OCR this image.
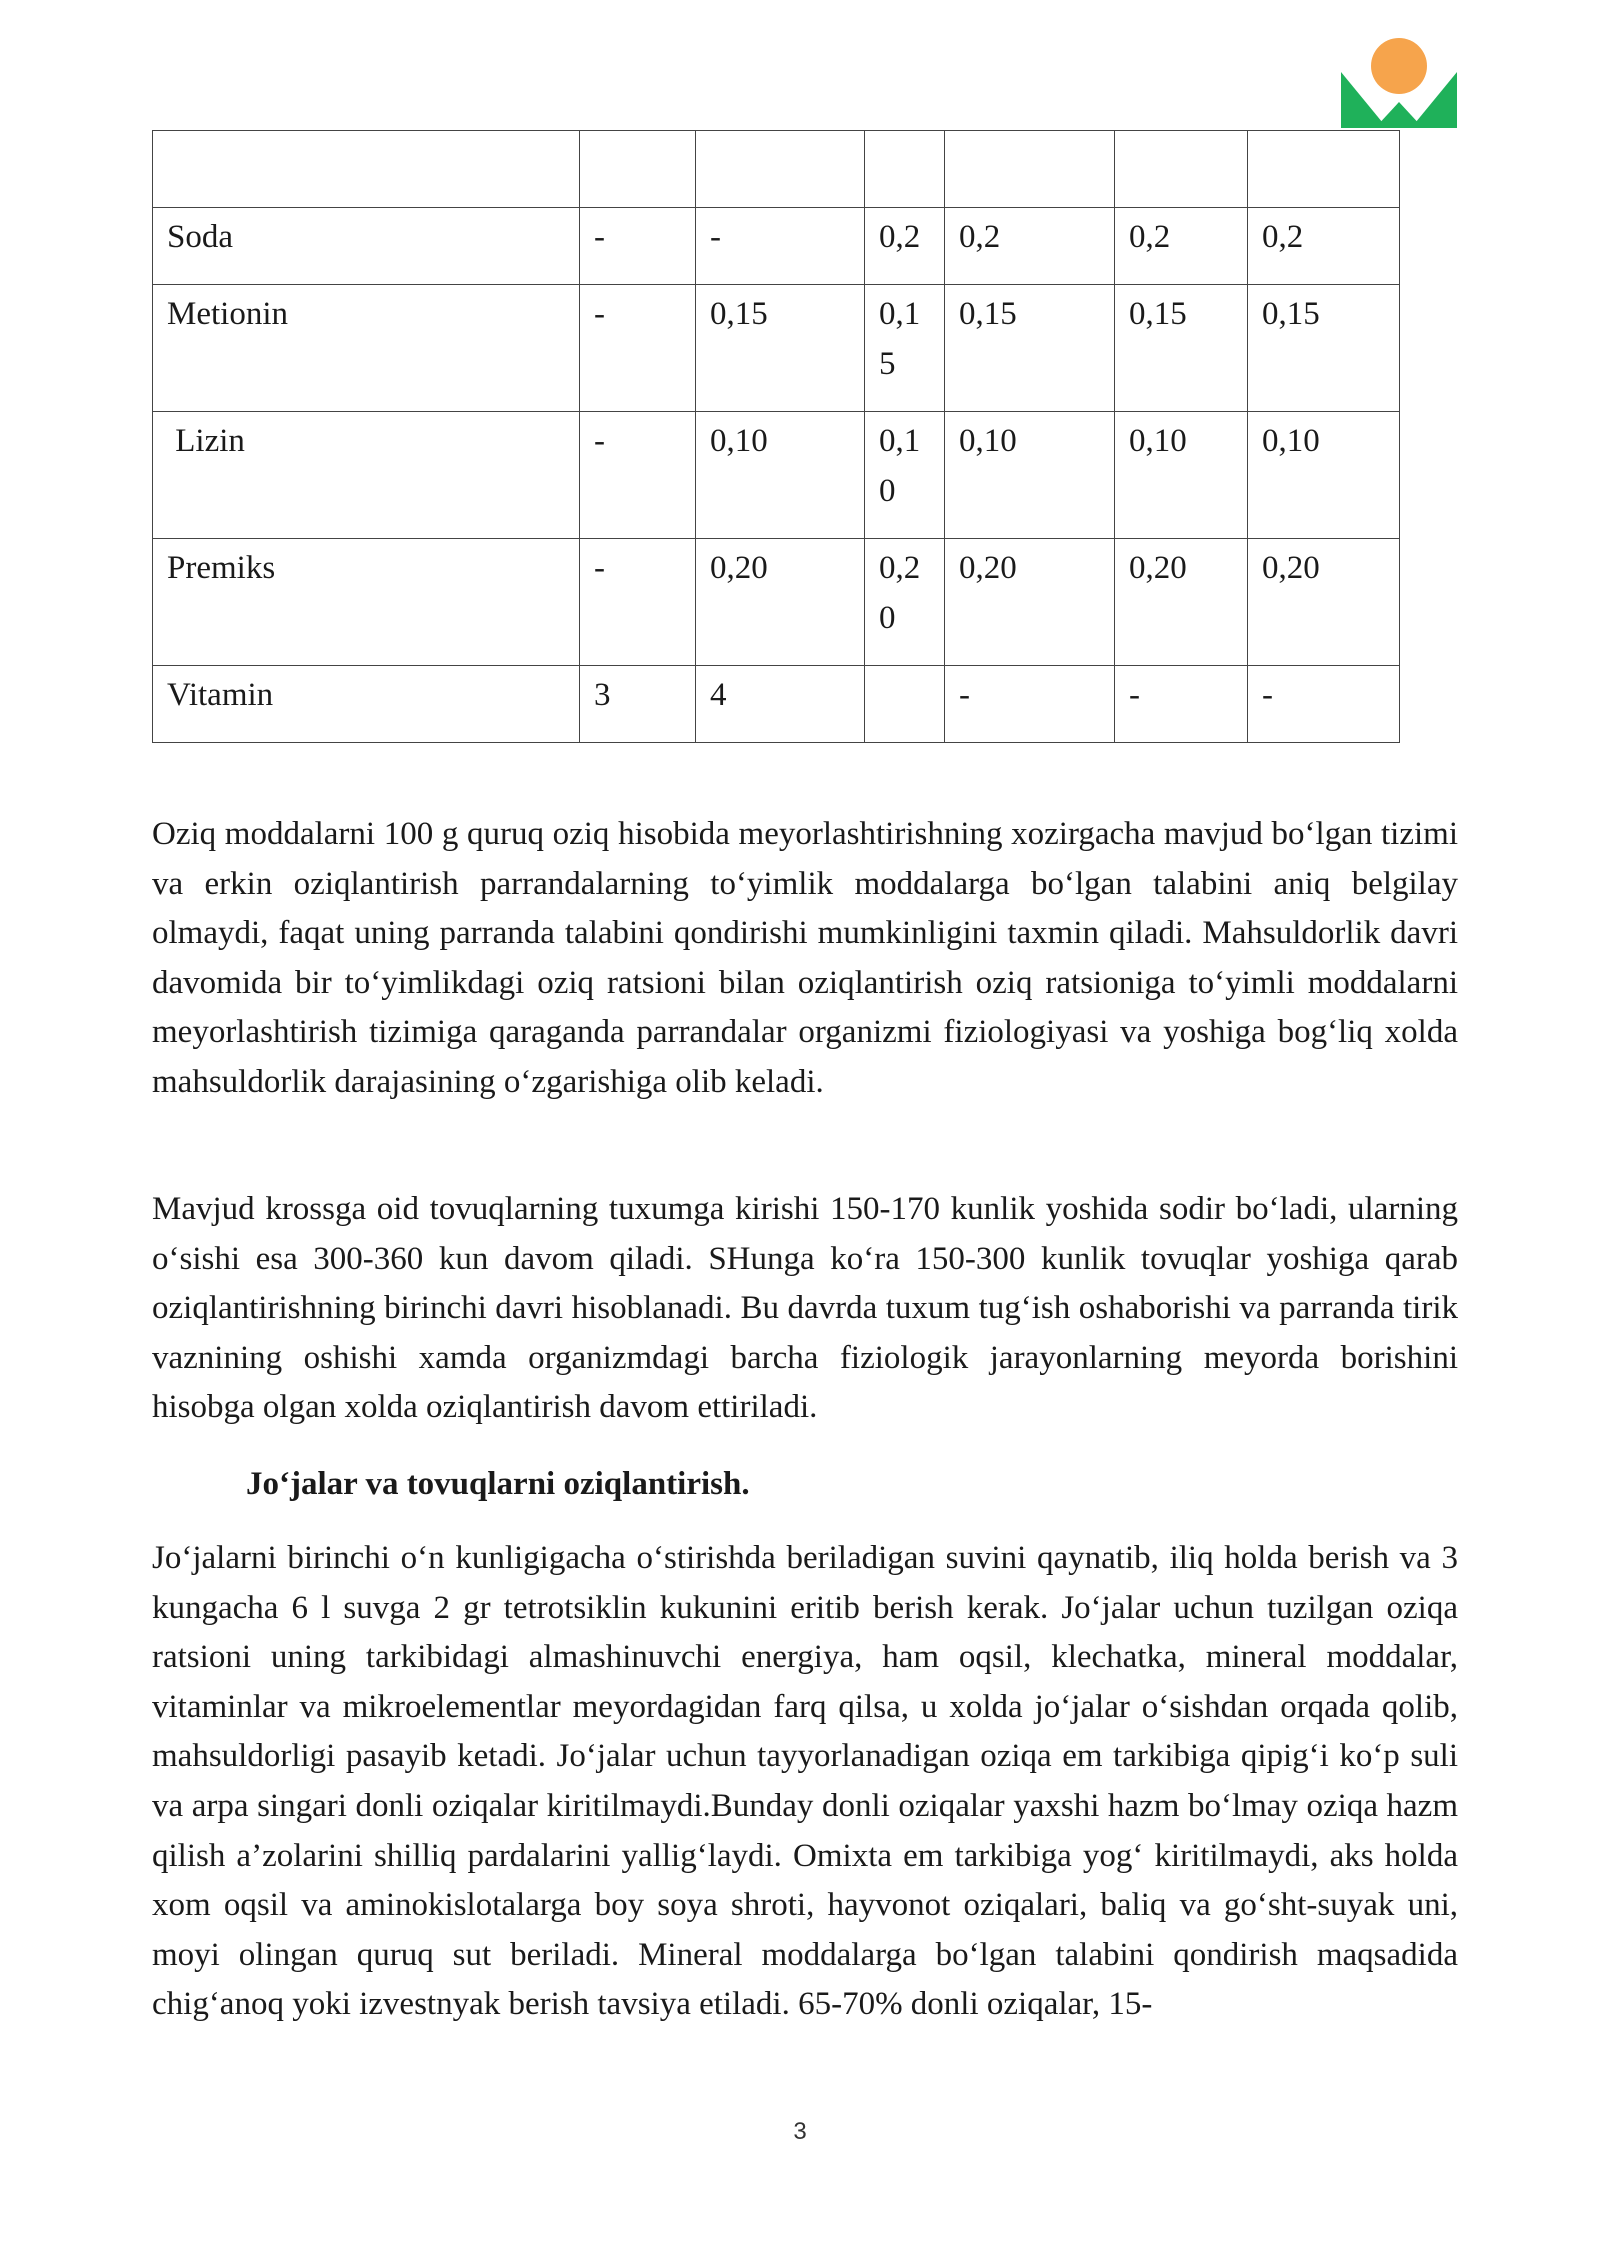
Soda	-	-	0,2	0,2	0,2	0,2
Metionin	-	0,15	0,15	0,15	0,15	0,15
Lizin	-	0,10	0,10	0,10	0,10	0,10
Premiks	-	0,20	0,20	0,20	0,20	0,20
Vitamin	3	4		-	-	-
Oziq moddalarni 100 g quruq oziq hisobida meyorlashtirishning xozirgacha mavjud bo‘lgan tizimi va erkin oziqlantirish parrandalarning to‘yimlik moddalarga bo‘lgan talabini aniq belgilay olmaydi, faqat uning parranda talabini qondirishi mumkinligini taxmin qiladi. Mahsuldorlik davri davomida bir to‘yimlikdagi oziq ratsioni bilan oziqlantirish oziq ratsioniga to‘yimli moddalarni meyorlashtirish tizimiga qaraganda parrandalar organizmi fiziologiyasi va yoshiga bog‘liq xolda mahsuldorlik darajasining o‘zgarishiga olib keladi.
Mavjud krossga oid tovuqlarning tuxumga kirishi 150-170 kunlik yoshida sodir bo‘ladi, ularning o‘sishi esa 300-360 kun davom qiladi. SHunga ko‘ra 150-300 kunlik tovuqlar yoshiga qarab oziqlantirishning birinchi davri hisoblanadi. Bu davrda tuxum tug‘ish oshaborishi va parranda tirik vaznining oshishi xamda organizmdagi barcha fiziologik jarayonlarning meyorda borishini hisobga olgan xolda oziqlantirish davom ettiriladi.
Jo‘jalar va tovuqlarni oziqlantirish.
Jo‘jalarni birinchi o‘n kunligigacha o‘stirishda beriladigan suvini qaynatib, iliq holda berish va 3 kungacha 6 l suvga 2 gr tetrotsiklin kukunini eritib berish kerak. Jo‘jalar uchun tuzilgan oziqa ratsioni uning tarkibidagi almashinuvchi energiya, ham oqsil, klechatka, mineral moddalar, vitaminlar va mikroelementlar meyordagidan farq qilsa, u xolda jo‘jalar o‘sishdan orqada qolib, mahsuldorligi pasayib ketadi. Jo‘jalar uchun tayyorlanadigan oziqa em tarkibiga qipig‘i ko‘p suli va arpa singari donli oziqalar kiritilmaydi.Bunday donli oziqalar yaxshi hazm bo‘lmay oziqa hazm qilish a’zolarini shilliq pardalarini yallig‘laydi. Omixta em tarkibiga yog‘ kiritilmaydi, aks holda xom oqsil va aminokislotalarga boy soya shroti, hayvonot oziqalari, baliq va go‘sht-suyak uni, moyi olingan quruq sut beriladi. Mineral moddalarga bo‘lgan talabini qondirish maqsadida chig‘anoq yoki izvestnyak berish tavsiya etiladi. 65-70% donli oziqalar, 15-
3
